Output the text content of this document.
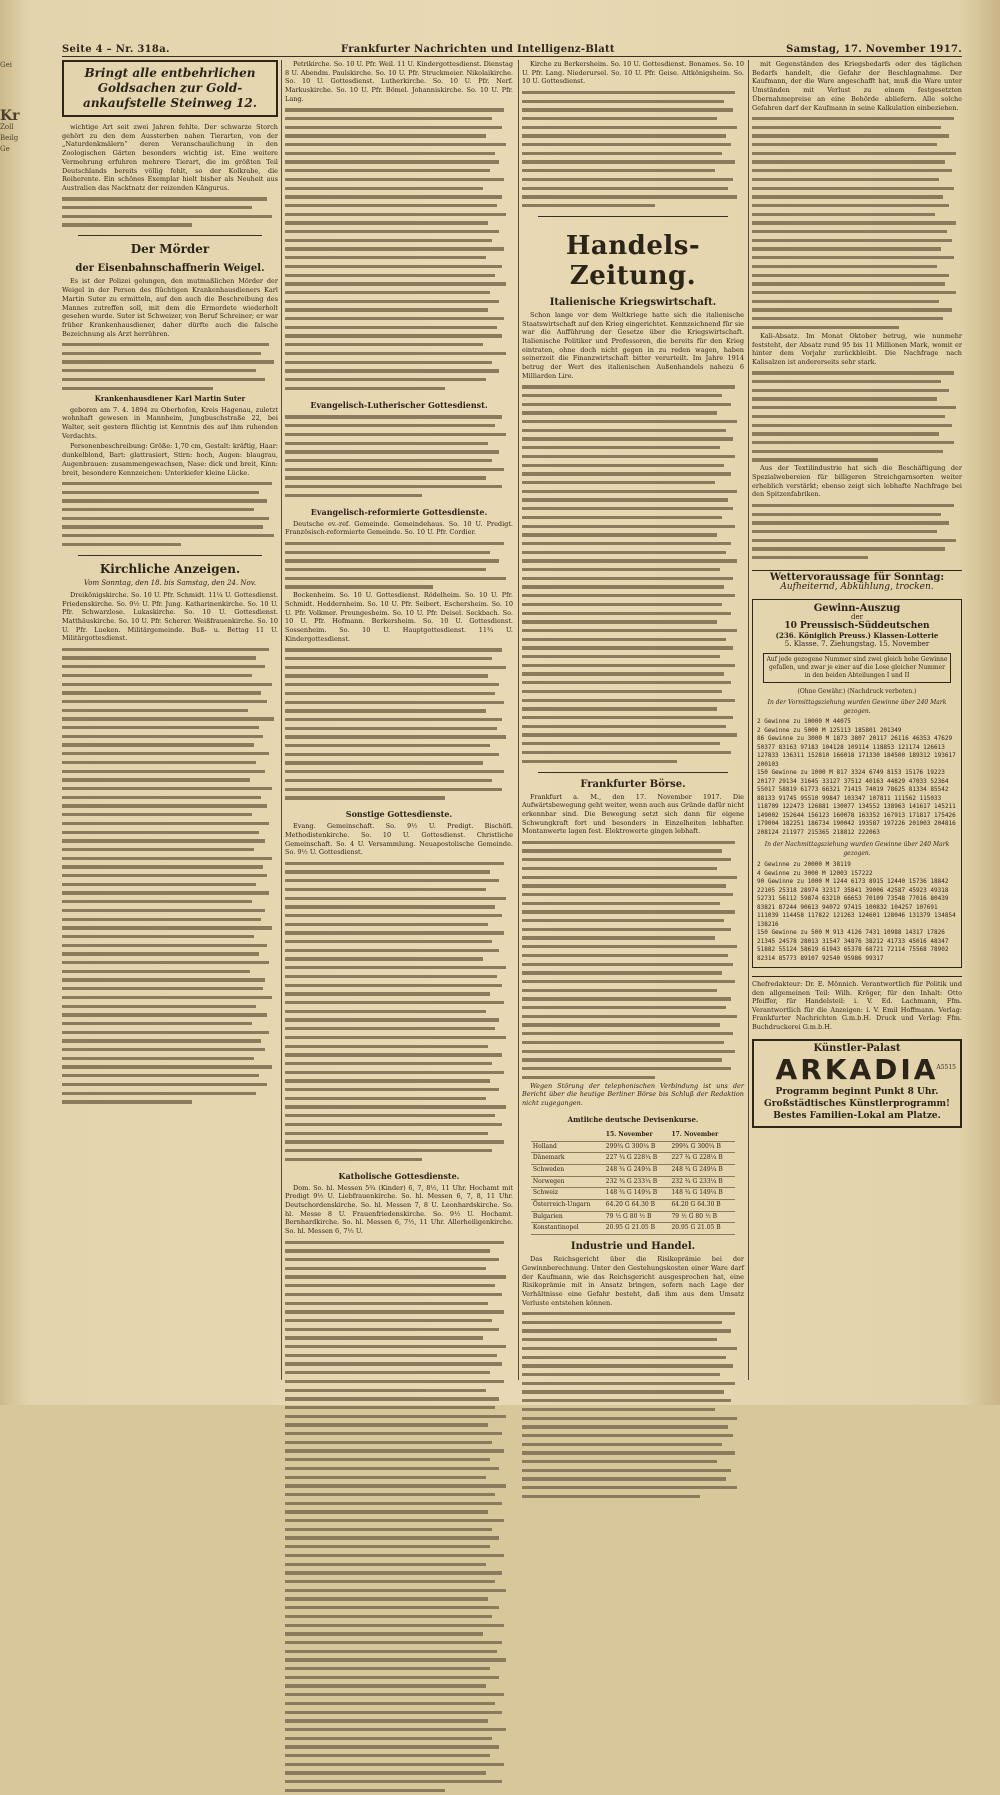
Seite 4 – Nr. 318a.	Frankfurter Nachrichten und Intelligenz-Blatt	Samstag, 17. November 1917.
Gei
Kr
Zoll
Beilg
Ge
Bringt alle entbehrlichen Goldsachen zur Gold-ankaufstelle Steinweg 12.

wichtige Art seit zwei Jahren fehlte. Der schwarze Storch gehört zu den dem Aussterben nahen Tierarten, von der „Naturdenkmälern“ deren Veranschaulichung in den Zoologischen Gärten besonders wichtig ist. Eine weitere Vermehrung erfuhren mehrere Tierart, die im größten Teil Deutschlands bereits völlig fehlt, so der Kolkrabe, die Reiherente. Ein schönes Exemplar hielt bisher als Neuheit aus Australien das Nacktnatz der reizenden Kängurus.

Der Mörder
der Eisenbahnschaffnerin Weigel.

Es ist der Polizei gelungen, den mutmaßlichen Mörder der Weigel in der Person des flüchtigen Krankenhausdieners Karl Martin Suter zu ermitteln, auf den auch die Beschreibung des Mannes zutreffen soll, mit dem die Ermordete wiederholt gesehen wurde. Suter ist Schweizer, von Beruf Schreiner; er war früher Krankenhausdiener, daher dürfte auch die falsche Bezeichnung als Arzt herrühren.

Krankenhausdiener Karl Martin Suter

geboren am 7. 4. 1894 zu Oberhofen, Kreis Hagenau, zuletzt wohnhaft gewesen in Mannheim, Jungbuschstraße 22, bei Walter, seit gestern flüchtig ist Kenntnis des auf ihm ruhenden Verdachts.

Personenbeschreibung: Größe: 1,70 cm, Gestalt: kräftig, Haar: dunkelblond, Bart: glattrasiert, Stirn: hoch, Augen: blaugrau, Augenbrauen: zusammengewachsen, Nase: dick und breit, Kinn: breit, besondere Kennzeichen: Unterkiefer kleine Lücke.

Kirchliche Anzeigen.
Vom Sonntag, den 18. bis Samstag, den 24. Nov.

Dreikönigskirche. So. 10 U. Pfr. Schmidt. 11¼ U. Gottesdienst. Friedenskirche. So. 9½ U. Pfr. Jung. Katharinenkirche. So. 10 U. Pfr. Schwarzlose. Lukaskirche. So. 10 U. Gottesdienst. Matthäuskirche. So. 10 U. Pfr. Scherer. Weißfrauenkirche. So. 10 U. Pfr. Lueken. Militärgemeinde. Buß- u. Bettag 11 U. Militärgottesdienst.

Petrikirche. So. 10 U. Pfr. Weil. 11 U. Kindergottesdienst. Dienstag 8 U. Abendm. Paulskirche. So. 10 U. Pfr. Struckmeier. Nikolaikirche. So. 10 U. Gottesdienst. Lutherkirche. So. 10 U. Pfr. Nerf. Markuskirche. So. 10 U. Pfr. Bömel. Johanniskirche. So. 10 U. Pfr. Lang.

Evangelisch-Lutherischer Gottesdienst.
Evangelisch-reformierte Gottesdienste.

Deutsche ev.-ref. Gemeinde. Gemeindehaus. So. 10 U. Predigt. Französisch-reformierte Gemeinde. So. 10 U. Pfr. Cordier.

Bockenheim. So. 10 U. Gottesdienst. Rödelheim. So. 10 U. Pfr. Schmidt. Heddernheim. So. 10 U. Pfr. Seibert. Eschersheim. So. 10 U. Pfr. Volkmer. Preungesheim. So. 10 U. Pfr. Deisel. Seckbach. So. 10 U. Pfr. Hofmann. Berkersheim. So. 10 U. Gottesdienst. Sossenheim. So. 10 U. Hauptgottesdienst. 11¾ U. Kindergottesdienst.

Sonstige Gottesdienste.

Evang. Gemeinschaft. So. 9½ U. Predigt. Bischöfl. Methodistenkirche. So. 10 U. Gottesdienst. Christliche Gemeinschaft. So. 4 U. Versammlung. Neuapostolische Gemeinde. So. 9½ U. Gottesdienst.

Katholische Gottesdienste.

Dom. So. hl. Messen 5¾ (Kinder) 6, 7, 8½, 11 Uhr. Hochamt mit Predigt 9½ U. Liebfrauenkirche. So. hl. Messen 6, 7, 8, 11 Uhr. Deutschordenskirche. So. hl. Messen 7, 8 U. Leonhardskirche. So. hl. Messe 8 U. Frauenfriedenskirche. So. 9½ U. Hochamt. Bernhardkirche. So. hl. Messen 6, 7½, 11 Uhr. Allerheiligenkirche. So. hl. Messen 6, 7½ U.

Kirche zu Berkersheim. So. 10 U. Gottesdienst. Bonames. So. 10 U. Pfr. Lang. Niederursel. So. 10 U. Pfr. Geise. Altkönigsheim. So. 10 U. Gottesdienst.

Handels-Zeitung.
Italienische Kriegswirtschaft.

Schon lange vor dem Weltkriege hatte sich die italienische Staatswirtschaft auf den Krieg eingerichtet. Kennzeichnend für sie war die Aufführung der Gesetze über die Kriegswirtschaft. Italienische Politiker und Professoren, die bereits für den Krieg eintraten, ohne doch nicht gegen in zu reden wagen, haben seinerzeit die Finanzwirtschaft bitter verurteilt. Im Jahre 1914 betrug der Wert des italienischen Außenhandels nahezu 6 Milliarden Lire.

Frankfurter Börse.

Frankfurt a. M., den 17. November 1917. Die Aufwärtsbewegung geht weiter, wenn auch aus Gründe dafür nicht erkennbar sind. Die Bewegung setzt sich dann für eigene Schwungkraft fort und besonders in Einzelheiten lebhafter. Montanwerte lagen fest. Elektrowerte gingen lebhaft.

Wegen Störung der telephonischen Verbindung ist uns der Bericht über die heutige Berliner Börse bis Schluß der Redaktion nicht zugegangen.

Amtliche deutsche Devisenkurse.
	15. November	17. November
Holland	299¾ G 300¼ B	299¾ G 300¼ B
Dänemark	227 ¾ G 228¼ B	227 ¾ G 228¼ B
Schweden	248 ¾ G 249¼ B	248 ¾ G 249¼ B
Norwegen	232 ¾ G 233¼ B	232 ¾ G 233¼ B
Schweiz	148 ¾ G 149¼ B	148 ¾ G 149¼ B
Österreich-Ungarn	64.20 G 64.30 B	64.20 G 64.30 B
Bulgarien	79 ½ G 80 ½ B	79 ½ G 80 ½ B
Konstantinopel	20.95 G 21.05 B	20.95 G 21.05 B
Industrie und Handel.

Das Reichsgericht über die Risikoprämie bei der Gewinnberechnung. Unter den Gestehungskosten einer Ware darf der Kaufmann, wie das Reichsgericht ausgesprochen hat, eine Risikoprämie mit in Ansatz bringen, sofern nach Lage der Verhältnisse eine Gefahr besteht, daß ihm aus dem Umsatz Verluste entstehen können.

mit Gegenständen des Kriegsbedarfs oder des täglichen Bedarfs handelt, die Gefahr der Beschlagnahme. Der Kaufmann, der die Ware angeschafft hat, muß die Ware unter Umständen mit Verlust zu einem festgesetzten Übernahmepreise an eine Behörde abliefern. Alle solche Gefahren darf der Kaufmann in seine Kalkulation einbeziehen.

Kali-Absatz. Im Monat Oktober betrug, wie nunmehr feststeht, der Absatz rund 95 bis 11 Millionen Mark, womit er hinter dem Vorjahr zurückbleibt. Die Nachfrage nach Kalisalzen ist andererseits sehr stark.

Aus der Textilindustrie hat sich die Beschäftigung der Spezialwebereien für billigeren Streichgarnsorten weiter erheblich verstärkt; ebenso zeigt sich lebhafte Nachfrage bei den Spitzenfabriken.

Wettervoraussage für Sonntag:
Aufheiternd, Abkühlung, trocken.
Gewinn-Auszug
der
10 Preussisch-Süddeutschen
(236. Königlich Preuss.) Klassen-Lotterie
5. Klasse. 7. Ziehungstag. 15. November
Auf jede gezogene Nummer sind zwei gleich hohe Gewinne gefallen, und zwar je einer auf die Lose gleicher Nummer in den beiden Abteilungen I und II
(Ohne Gewähr.) (Nachdruck verboten.)
In der Vormittagsziehung wurden Gewinne über 240 Mark gezogen.
2 Gewinne zu 10000 M 44075
2 Gewinne zu 5000 M 125113 185801 201349
86 Gewinne zu 3000 M 1873 3807 20117 26116 46353 47629 50377 83163 97183 104128 109114 118853 121174 126613 127833 136311 152810 166018 171330 184500 189312 193617 200103
150 Gewinne zu 1000 M 817 3324 6749 8153 15176 19223 20177 29134 31645 33127 37512 40163 44829 47033 52364 55017 58819 61773 66321 71415 74019 78625 81334 85542 88133 91745 95510 99847 103347 107811 111562 115033 118709 122473 126881 130077 134552 138963 141617 145211 149002 152644 156123 160078 163352 167913 171817 175426 179004 182251 186734 190042 193587 197226 201003 204816 208124 211977 215365 218812 222063
In der Nachmittagsziehung wurden Gewinne über 240 Mark gezogen.
2 Gewinne zu 20000 M 38119
4 Gewinne zu 3000 M 12003 157222
90 Gewinne zu 1000 M 1244 6173 8915 12440 15736 18842 22105 25318 28974 32317 35841 39006 42587 45923 49318 52731 56112 59874 63210 66653 70109 73548 77016 80439 83821 87244 90613 94072 97415 100832 104257 107691 111039 114458 117822 121263 124601 128046 131379 134854 138216
150 Gewinne zu 500 M 913 4126 7431 10988 14317 17826 21345 24578 28013 31547 34876 38212 41733 45016 48347 51882 55124 58619 61943 65378 68721 72114 75568 78902 82314 85773 89107 92540 95986 99317
Chefredakteur: Dr. E. Mönnich. Verantwortlich für Politik und den allgemeinen Teil: Wilh. Kröger, für den Inhalt: Otto Pfeiffer, für Handelsteil: i. V. Ed. Lachmann, Ffm. Verantwortlich für die Anzeigen: i. V. Emil Hoffmann. Verlag: Frankfurter Nachrichten G.m.b.H. Druck und Verlag: Ffm. Buchdruckerei G.m.b.H.
Künstler-Palast
ARKADIA
A5515
Programm beginnt Punkt 8 Uhr.
Großstädtisches Künstlerprogramm!
Bestes Familien-Lokal am Platze.
